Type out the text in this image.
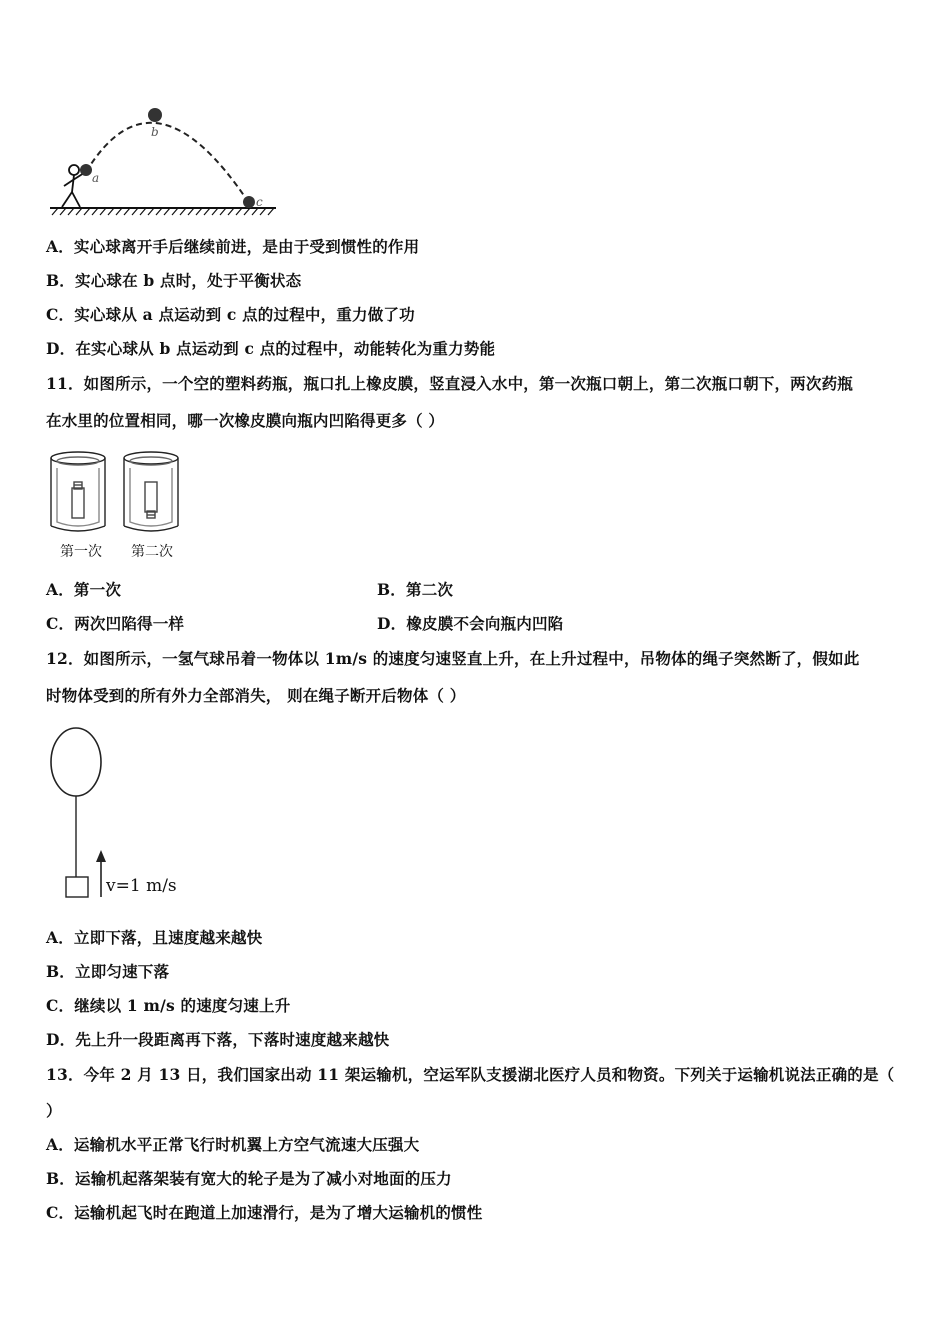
a
b
c
A．实心球离开手后继续前进，是由于受到惯性的作用
B．实心球在 b 点时，处于平衡状态
C．实心球从 a 点运动到 c 点的过程中，重力做了功
D．在实心球从 b 点运动到 c 点的过程中，动能转化为重力势能
11．如图所示，一个空的塑料药瓶，瓶口扎上橡皮膜，竖直浸入水中，第一次瓶口朝上，第二次瓶口朝下，两次药瓶
在水里的位置相同，哪一次橡皮膜向瓶内凹陷得更多（ ）
第一次 第二次
A．第一次	B．第二次
C．两次凹陷得一样	D．橡皮膜不会向瓶内凹陷
12．如图所示，一氢气球吊着一物体以 1m/s 的速度匀速竖直上升，在上升过程中，吊物体的绳子突然断了，假如此
时物体受到的所有外力全部消失， 则在绳子断开后物体（ ）
v=1 m/s
A．立即下落，且速度越来越快
B．立即匀速下落
C．继续以 1 m/s 的速度匀速上升
D．先上升一段距离再下落，下落时速度越来越快
13．今年 2 月 13 日，我们国家出动 11 架运输机，空运军队支援湖北医疗人员和物资。下列关于运输机说法正确的是（
）
A．运输机水平正常飞行时机翼上方空气流速大压强大
B．运输机起落架装有宽大的轮子是为了减小对地面的压力
C．运输机起飞时在跑道上加速滑行，是为了增大运输机的惯性
